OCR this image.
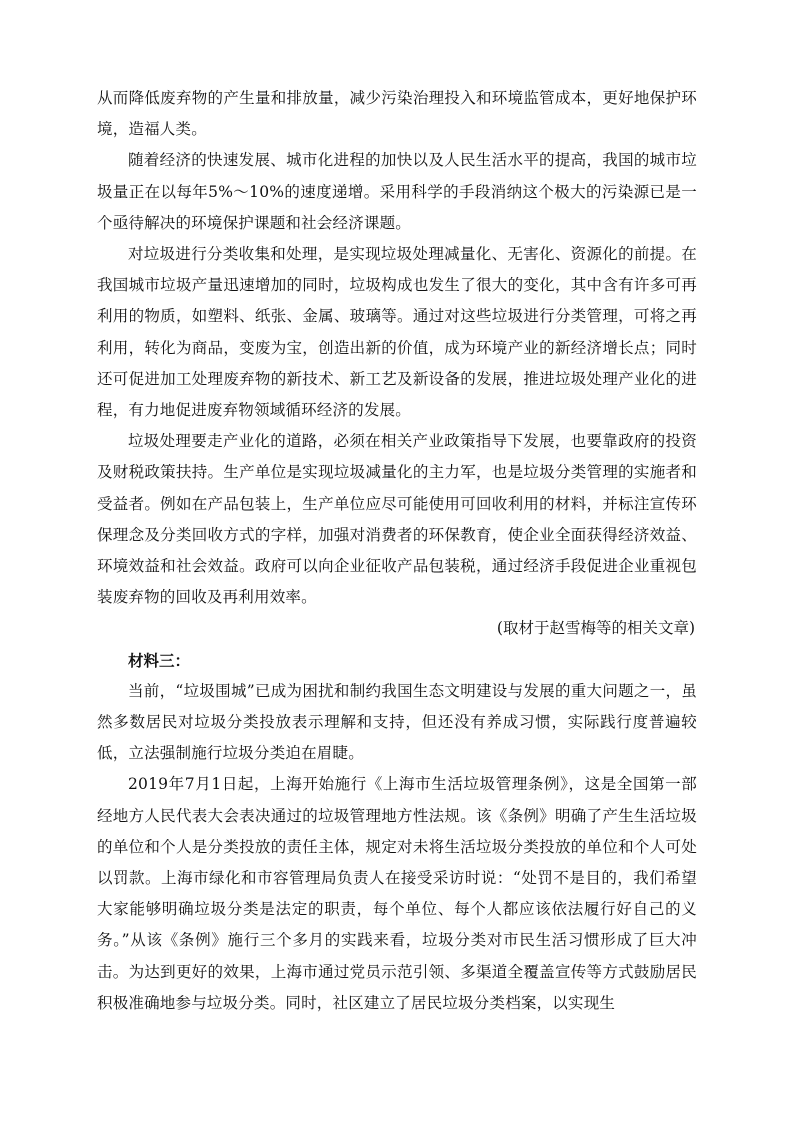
从而降低废弃物的产生量和排放量，减少污染治理投入和环境监管成本，更好地保护环境，造福人类。

随着经济的快速发展、城市化进程的加快以及人民生活水平的提高，我国的城市垃圾量正在以每年5%～10%的速度递增。采用科学的手段消纳这个极大的污染源已是一个亟待解决的环境保护课题和社会经济课题。

对垃圾进行分类收集和处理，是实现垃圾处理减量化、无害化、资源化的前提。在我国城市垃圾产量迅速增加的同时，垃圾构成也发生了很大的变化，其中含有许多可再利用的物质，如塑料、纸张、金属、玻璃等。通过对这些垃圾进行分类管理，可将之再利用，转化为商品，变废为宝，创造出新的价值，成为环境产业的新经济增长点；同时还可促进加工处理废弃物的新技术、新工艺及新设备的发展，推进垃圾处理产业化的进程，有力地促进废弃物领域循环经济的发展。

垃圾处理要走产业化的道路，必须在相关产业政策指导下发展，也要靠政府的投资及财税政策扶持。生产单位是实现垃圾减量化的主力军，也是垃圾分类管理的实施者和受益者。例如在产品包装上，生产单位应尽可能使用可回收利用的材料，并标注宣传环保理念及分类回收方式的字样，加强对消费者的环保教育，使企业全面获得经济效益、环境效益和社会效益。政府可以向企业征收产品包装税，通过经济手段促进企业重视包装废弃物的回收及再利用效率。

(取材于赵雪梅等的相关文章)

材料三：

当前，“垃圾围城”已成为困扰和制约我国生态文明建设与发展的重大问题之一，虽然多数居民对垃圾分类投放表示理解和支持，但还没有养成习惯，实际践行度普遍较低，立法强制施行垃圾分类迫在眉睫。

2019年7月1日起，上海开始施行《上海市生活垃圾管理条例》，这是全国第一部经地方人民代表大会表决通过的垃圾管理地方性法规。该《条例》明确了产生生活垃圾的单位和个人是分类投放的责任主体，规定对未将生活垃圾分类投放的单位和个人可处以罚款。上海市绿化和市容管理局负责人在接受采访时说：“处罚不是目的，我们希望大家能够明确垃圾分类是法定的职责，每个单位、每个人都应该依法履行好自己的义务。”从该《条例》施行三个多月的实践来看，垃圾分类对市民生活习惯形成了巨大冲击。为达到更好的效果，上海市通过党员示范引领、多渠道全覆盖宣传等方式鼓励居民积极准确地参与垃圾分类。同时，社区建立了居民垃圾分类档案，以实现生
